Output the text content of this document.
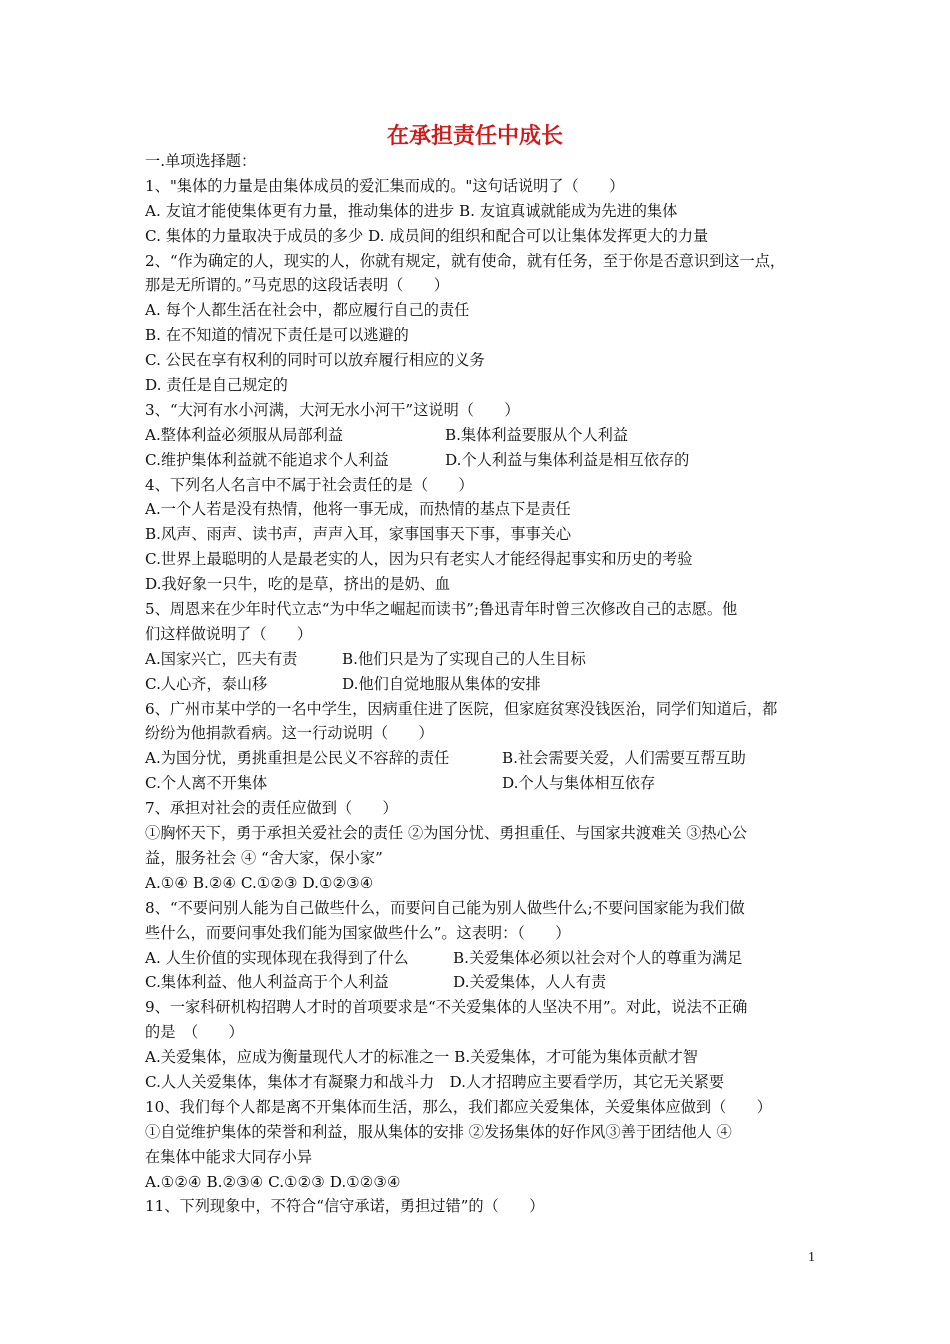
在承担责任中成长
一.单项选择题：
1、"集体的力量是由集体成员的爱汇集而成的。"这句话说明了（　　）
A. 友谊才能使集体更有力量，推动集体的进步 B. 友谊真诚就能成为先进的集体
C. 集体的力量取决于成员的多少 D. 成员间的组织和配合可以让集体发挥更大的力量
2、“作为确定的人，现实的人，你就有规定，就有使命，就有任务，至于你是否意识到这一点，
那是无所谓的。”马克思的这段话表明（　　）
A. 每个人都生活在社会中，都应履行自己的责任
B. 在不知道的情况下责任是可以逃避的
C. 公民在享有权利的同时可以放弃履行相应的义务
D. 责任是自己规定的
3、“大河有水小河满，大河无水小河干”这说明（　　）
A.整体利益必须服从局部利益	B.集体利益要服从个人利益
C.维护集体利益就不能追求个人利益	D.个人利益与集体利益是相互依存的
4、下列名人名言中不属于社会责任的是（　　）
A.一个人若是没有热情，他将一事无成，而热情的基点下是责任
B.风声、雨声、读书声，声声入耳，家事国事天下事，事事关心
C.世界上最聪明的人是最老实的人，因为只有老实人才能经得起事实和历史的考验
D.我好象一只牛，吃的是草，挤出的是奶、血
5、周恩来在少年时代立志“为中华之崛起而读书”;鲁迅青年时曾三次修改自己的志愿。他
们这样做说明了（　　）
A.国家兴亡，匹夫有责	B.他们只是为了实现自己的人生目标
C.人心齐，泰山移	D.他们自觉地服从集体的安排
6、广州市某中学的一名中学生，因病重住进了医院，但家庭贫寒没钱医治，同学们知道后，都
纷纷为他捐款看病。这一行动说明（　　）
A.为国分忧，勇挑重担是公民义不容辞的责任	B.社会需要关爱，人们需要互帮互助
C.个人离不开集体	D.个人与集体相互依存
7、承担对社会的责任应做到（　　）
①胸怀天下，勇于承担关爱社会的责任 ②为国分忧、勇担重任、与国家共渡难关 ③热心公
益，服务社会 ④ “舍大家，保小家”
A.①④ B.②④ C.①②③ D.①②③④
8、“不要问别人能为自己做些什么，而要问自己能为别人做些什么;不要问国家能为我们做
些什么，而要问事处我们能为国家做些什么”。这表明：（　　）
A. 人生价值的实现体现在我得到了什么	B.关爱集体必须以社会对个人的尊重为满足
C.集体利益、他人利益高于个人利益	D.关爱集体，人人有责
9、一家科研机构招聘人才时的首项要求是“不关爱集体的人坚决不用”。对此，说法不正确
的是　（　　）
A.关爱集体，应成为衡量现代人才的标准之一 B.关爱集体，才可能为集体贡献才智
C.人人关爱集体，集体才有凝聚力和战斗力　D.人才招聘应主要看学历，其它无关紧要
10、我们每个人都是离不开集体而生活，那么，我们都应关爱集体，关爱集体应做到（　　）
①自觉维护集体的荣誉和利益，服从集体的安排 ②发扬集体的好作风③善于团结他人 ④
在集体中能求大同存小异
A.①②④ B.②③④ C.①②③ D.①②③④
11、下列现象中，不符合“信守承诺，勇担过错”的（　　）
1
